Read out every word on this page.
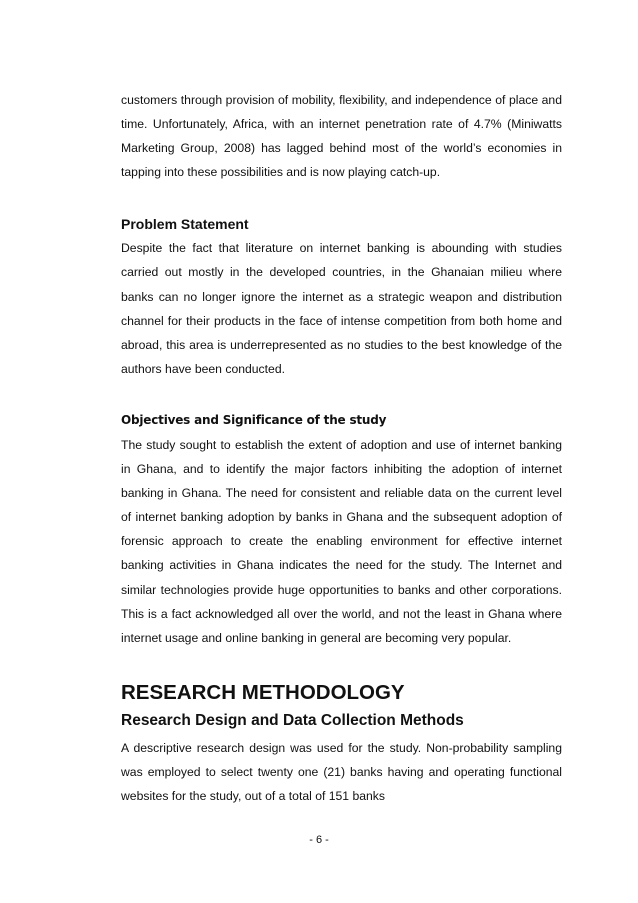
customers through provision of mobility, flexibility, and independence of place and time. Unfortunately, Africa, with an internet penetration rate of 4.7% (Miniwatts Marketing Group, 2008) has lagged behind most of the world’s economies in tapping into these possibilities and is now playing catch-up.

Problem Statement

Despite the fact that literature on internet banking is abounding with studies carried out mostly in the developed countries, in the Ghanaian milieu where banks can no longer ignore the internet as a strategic weapon and distribution channel for their products in the face of intense competition from both home and abroad, this area is underrepresented as no studies to the best knowledge of the authors have been conducted.

Objectives and Significance of the study

The study sought to establish the extent of adoption and use of internet banking in Ghana, and to identify the major factors inhibiting the adoption of internet banking in Ghana. The need for consistent and reliable data on the current level of internet banking adoption by banks in Ghana and the subsequent adoption of forensic approach to create the enabling environment for effective internet banking activities in Ghana indicates the need for the study. The Internet and similar technologies provide huge opportunities to banks and other corporations. This is a fact acknowledged all over the world, and not the least in Ghana where internet usage and online banking in general are becoming very popular.

RESEARCH METHODOLOGY
Research Design and Data Collection Methods

A descriptive research design was used for the study. Non-probability sampling was employed to select twenty one (21) banks having and operating functional websites for the study, out of a total of 151 banks

- 6 -
